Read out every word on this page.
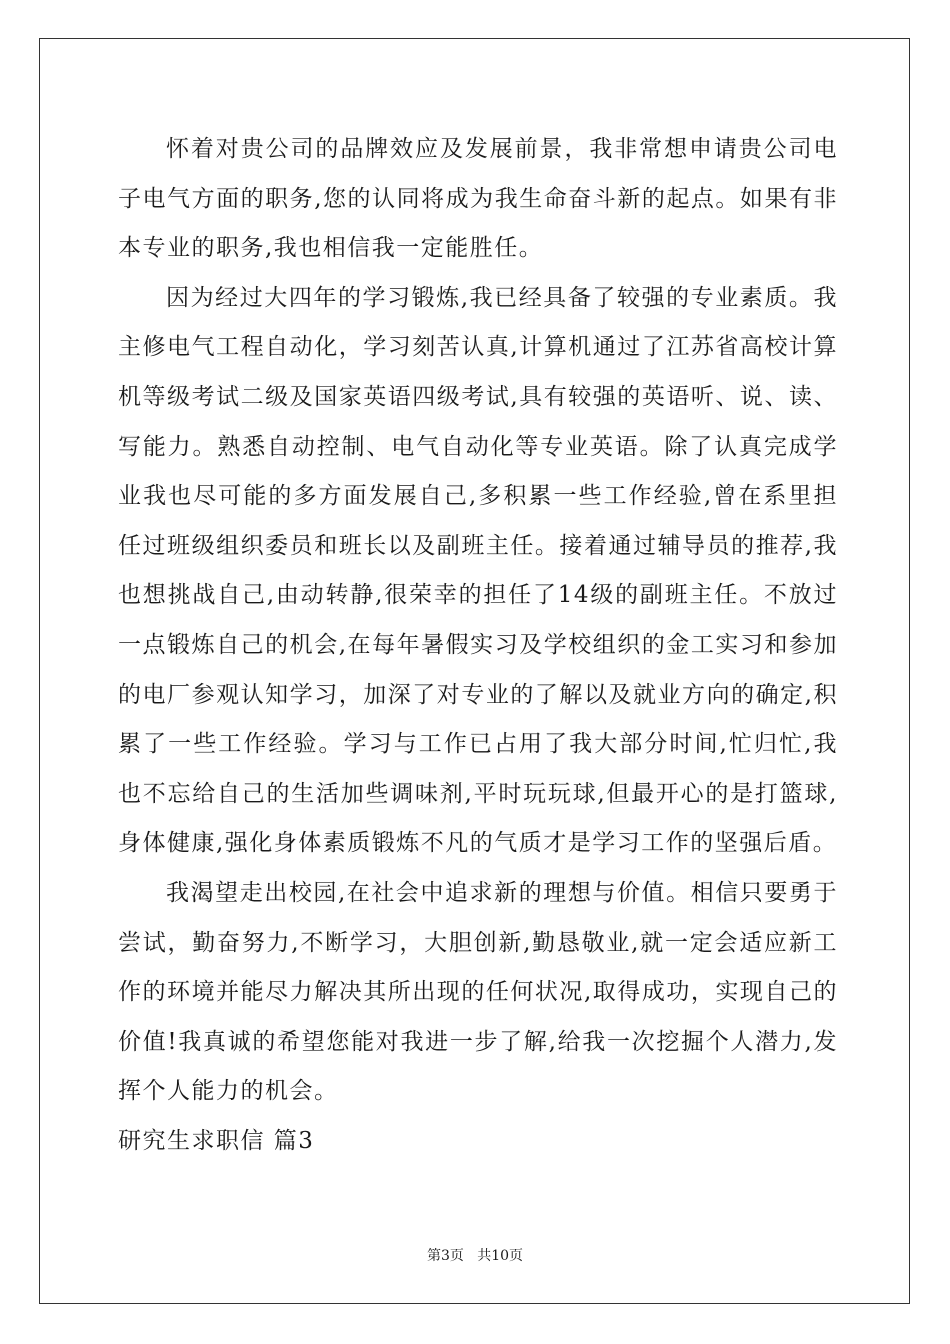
怀着对贵公司的品牌效应及发展前景，我非常想申请贵公司电子电气方面的职务,您的认同将成为我生命奋斗新的起点。如果有非本专业的职务,我也相信我一定能胜任。

因为经过大四年的学习锻炼,我已经具备了较强的专业素质。我主修电气工程自动化，学习刻苦认真,计算机通过了江苏省高校计算机等级考试二级及国家英语四级考试,具有较强的英语听、说、读、写能力。熟悉自动控制、电气自动化等专业英语。除了认真完成学业我也尽可能的多方面发展自己,多积累一些工作经验,曾在系里担任过班级组织委员和班长以及副班主任。接着通过辅导员的推荐,我也想挑战自己,由动转静,很荣幸的担任了14级的副班主任。不放过一点锻炼自己的机会,在每年暑假实习及学校组织的金工实习和参加的电厂参观认知学习，加深了对专业的了解以及就业方向的确定,积累了一些工作经验。学习与工作已占用了我大部分时间,忙归忙,我也不忘给自己的生活加些调味剂,平时玩玩球,但最开心的是打篮球,身体健康,强化身体素质锻炼不凡的气质才是学习工作的坚强后盾。

我渴望走出校园,在社会中追求新的理想与价值。相信只要勇于尝试，勤奋努力,不断学习，大胆创新,勤恳敬业,就一定会适应新工作的环境并能尽力解决其所出现的任何状况,取得成功，实现自己的价值!我真诚的希望您能对我进一步了解,给我一次挖掘个人潜力,发挥个人能力的机会。

研究生求职信 篇3

第3页   共10页
